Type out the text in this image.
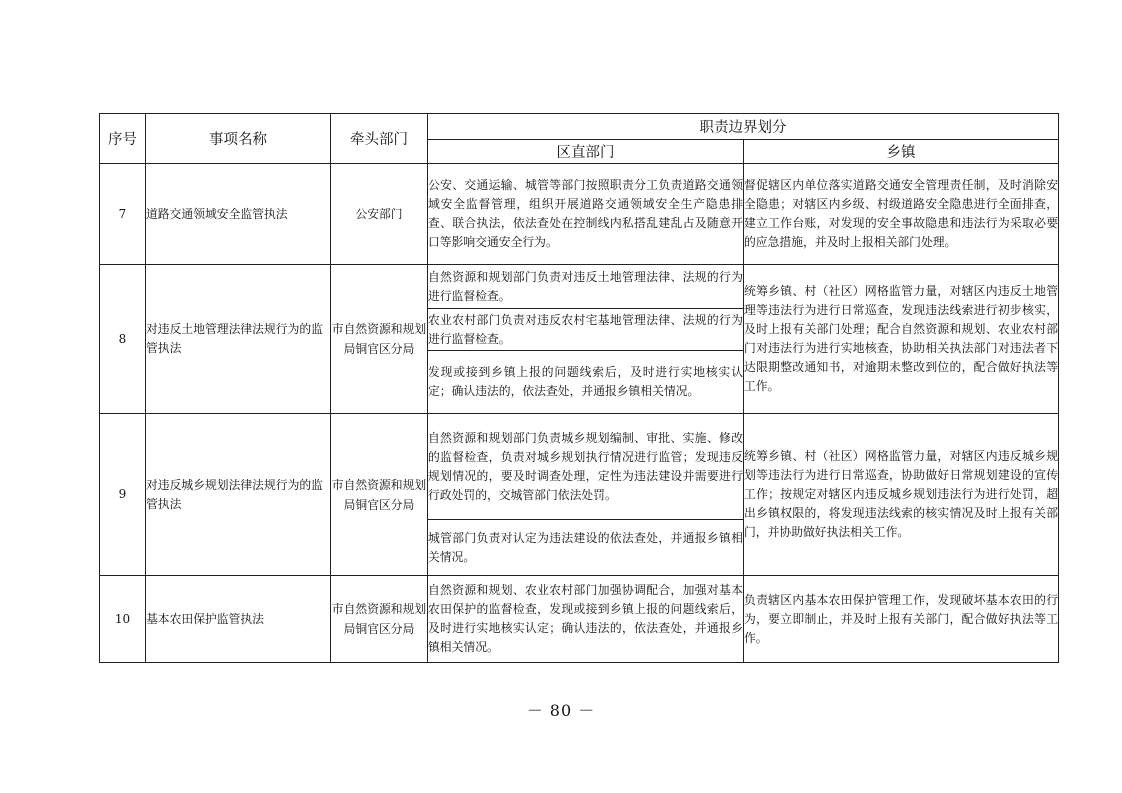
序号	事项名称	牵头部门	职责边界划分	
			区直部门	乡镇
7	道路交通领域安全监管执法	公安部门	公安、交通运输、城管等部门按照职责分工负责道路交通领域安全监督管理，组织开展道路交通领域安全生产隐患排查、联合执法，依法查处在控制线内私搭乱建乱占及随意开口等影响交通安全行为。	督促辖区内单位落实道路交通安全管理责任制，及时消除安全隐患；对辖区内乡级、村级道路安全隐患进行全面排查，建立工作台账，对发现的安全事故隐患和违法行为采取必要的应急措施，并及时上报相关部门处理。
8	对违反土地管理法律法规行为的监管执法	市自然资源和规划局铜官区分局	自然资源和规划部门负责对违反土地管理法律、法规的行为进行监督检查。	统筹乡镇、村（社区）网格监管力量，对辖区内违反土地管理等违法行为进行日常巡查，发现违法线索进行初步核实，及时上报有关部门处理；配合自然资源和规划、农业农村部门对违法行为进行实地核查，协助相关执法部门对违法者下达限期整改通知书，对逾期未整改到位的，配合做好执法等工作。
			农业农村部门负责对违反农村宅基地管理法律、法规的行为进行监督检查。	
			发现或接到乡镇上报的问题线索后，及时进行实地核实认定；确认违法的，依法查处，并通报乡镇相关情况。	
9	对违反城乡规划法律法规行为的监管执法	市自然资源和规划局铜官区分局	自然资源和规划部门负责城乡规划编制、审批、实施、修改的监督检查，负责对城乡规划执行情况进行监管；发现违反规划情况的，要及时调查处理，定性为违法建设并需要进行行政处罚的，交城管部门依法处罚。	统筹乡镇、村（社区）网格监管力量，对辖区内违反城乡规划等违法行为进行日常巡查，协助做好日常规划建设的宣传工作；按规定对辖区内违反城乡规划违法行为进行处罚，超出乡镇权限的，将发现违法线索的核实情况及时上报有关部门，并协助做好执法相关工作。
			城管部门负责对认定为违法建设的依法查处，并通报乡镇相关情况。	
10	基本农田保护监管执法	市自然资源和规划局铜官区分局	自然资源和规划、农业农村部门加强协调配合，加强对基本农田保护的监督检查，发现或接到乡镇上报的问题线索后，及时进行实地核实认定；确认违法的，依法查处，并通报乡镇相关情况。	负责辖区内基本农田保护管理工作，发现破坏基本农田的行为，要立即制止，并及时上报有关部门，配合做好执法等工作。
－ 80 －
